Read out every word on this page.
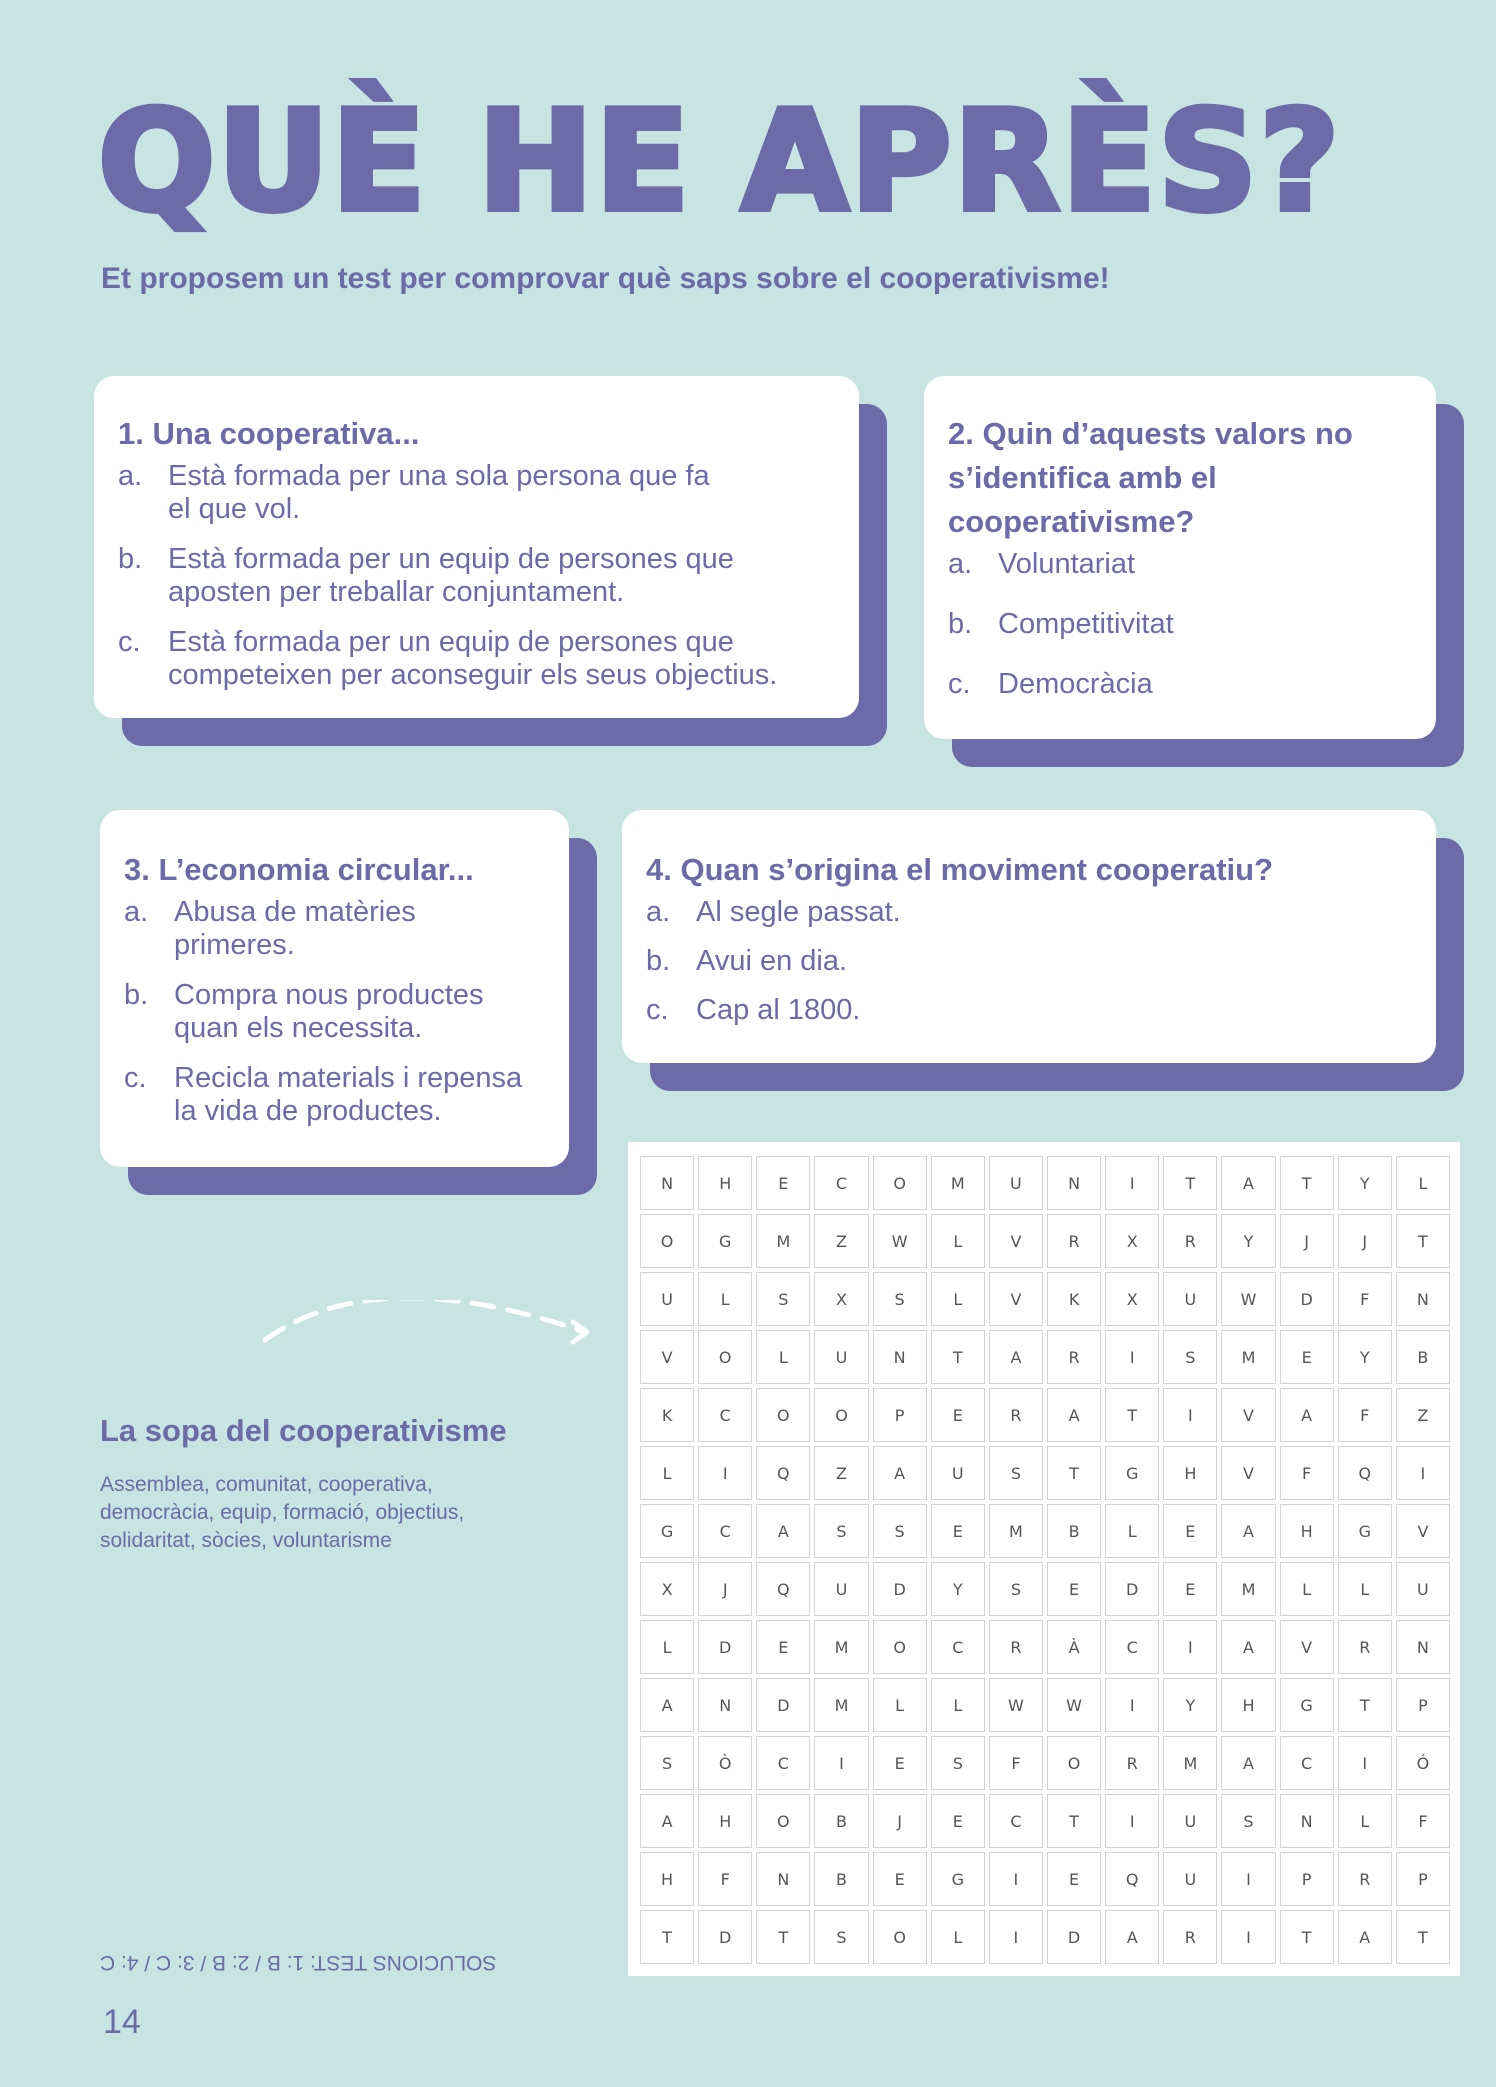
QUÈ HE APRÈS?
Et proposem un test per comprovar què saps sobre el cooperativisme!
1. Una cooperativa...
a. Està formada per una sola persona que fa el que vol.
b. Està formada per un equip de persones que aposten per treballar conjuntament.
c. Està formada per un equip de persones que competeixen per aconseguir els seus objectius.
2. Quin d’aquests valors no s’identifica amb el cooperativisme?
a. Voluntariat
b. Competitivitat
c. Democràcia
3. L’economia circular...
a. Abusa de matèries primeres.
b. Compra nous productes quan els necessita.
c. Recicla materials i repensa la vida de productes.
4. Quan s’origina el moviment cooperatiu?
a. Al segle passat.
b. Avui en dia.
c. Cap al 1800.
La sopa del cooperativisme
Assemblea, comunitat, cooperativa, democràcia, equip, formació, objectius, solidaritat, sòcies, voluntarisme
N	H	E	C	O	M	U	N	I	T	A	T	Y	L
O	G	M	Z	W	L	V	R	X	R	Y	J	J	T
U	L	S	X	S	L	V	K	X	U	W	D	F	N
V	O	L	U	N	T	A	R	I	S	M	E	Y	B
K	C	O	O	P	E	R	A	T	I	V	A	F	Z
L	I	Q	Z	A	U	S	T	G	H	V	F	Q	I
G	C	A	S	S	E	M	B	L	E	A	H	G	V
X	J	Q	U	D	Y	S	E	D	E	M	L	L	U
L	D	E	M	O	C	R	À	C	I	A	V	R	N
A	N	D	M	L	L	W	W	I	Y	H	G	T	P
S	Ò	C	I	E	S	F	O	R	M	A	C	I	Ó
A	H	O	B	J	E	C	T	I	U	S	N	L	F
H	F	N	B	E	G	I	E	Q	U	I	P	R	P
T	D	T	S	O	L	I	D	A	R	I	T	A	T
SOLUCIONS TEST: 1: B / 2: B / 3: C / 4: C
14
